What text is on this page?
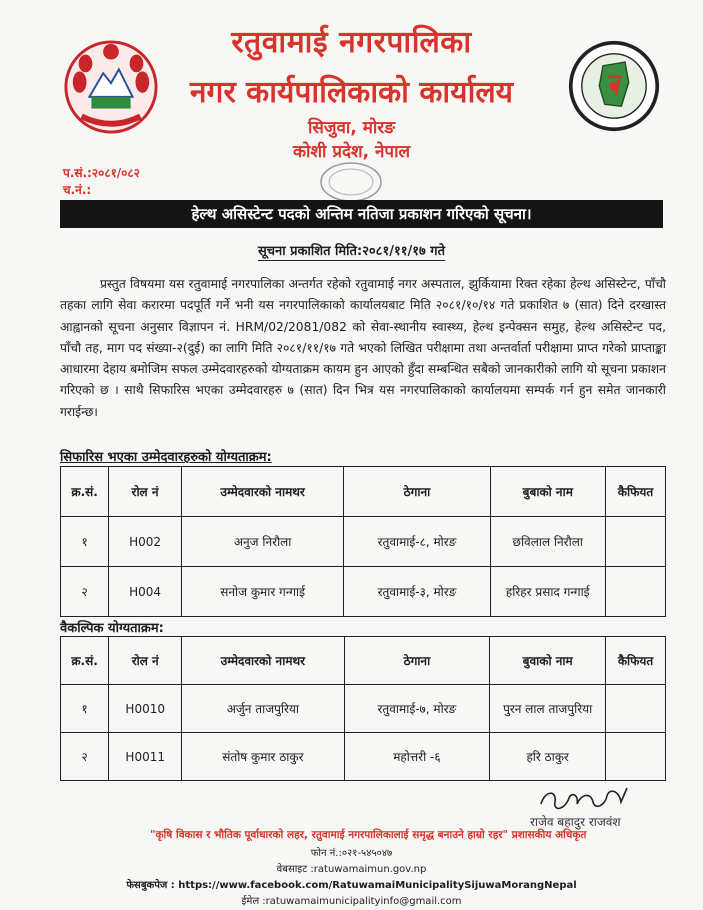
रतुवामाई नगरपालिका
नगर कार्यपालिकाको कार्यालय
सिजुवा, मोरङ
कोशी प्रदेश, नेपाल
प.सं.:२०८१/०८२
च.नं.:
हेल्थ असिस्टेन्ट पदको अन्तिम नतिजा प्रकाशन गरिएको सूचना।
सूचना प्रकाशित मिति:२०८१/११/१७ गते
प्रस्तुत विषयमा यस रतुवामाई नगरपालिका अन्तर्गत रहेको रतुवामाई नगर अस्पताल, झुर्कियामा रिक्त रहेका हेल्थ असिस्टेन्ट, पाँचौ तहका लागि सेवा करारमा पदपूर्ति गर्ने भनी यस नगरपालिकाको कार्यालयबाट मिति २०८१/१०/१४ गते प्रकाशित ७ (सात) दिने दरखास्त आह्वानको सूचना अनुसार विज्ञापन नं. HRM/02/2081/082 को सेवा-स्थानीय स्वास्थ्य, हेल्थ इन्पेक्सन समुह, हेल्थ असिस्टेन्ट पद, पाँचौ तह, माग पद संख्या-२(दुई) का लागि मिति २०८१/११/१७ गते भएको लिखित परीक्षामा तथा अन्तर्वार्ता परीक्षामा प्राप्त गरेको प्राप्ताङ्का आधारमा देहाय बमोजिम सफल उम्मेदवारहरुको योग्यताक्रम कायम हुन आएको हुँदा सम्बन्धित सबैको जानकारीको लागि यो सूचना प्रकाशन गरिएको छ । साथै सिफारिस भएका उम्मेदवारहरु ७ (सात) दिन भित्र यस नगरपालिकाको कार्यालयमा सम्पर्क गर्न हुन समेत जानकारी गराईन्छ।
सिफारिस भएका उम्मेदवारहरुको योग्यताक्रम:
क्र.सं.	रोल नं	उम्मेदवारको नामथर	ठेगाना	बुबाको नाम	कैफियत
१	H002	अनुज निरौला	रतुवामाई-८, मोरङ	छविलाल निरौला	
२	H004	सनोज कुमार गन्गाई	रतुवामाई-३, मोरङ	हरिहर प्रसाद गन्गाई	
वैकल्पिक योग्यताक्रम:
क्र.सं.	रोल नं	उम्मेदवारको नामथर	ठेगाना	बुवाको नाम	कैफियत
१	H0010	अर्जुन ताजपुरिया	रतुवामाई-७, मोरङ	पुरन लाल ताजपुरिया	
२	H0011	संतोष कुमार ठाकुर	महोत्तरी -६	हरि ठाकुर	
राजेव बहादुर राजवंश
"कृषि विकास र भौतिक पूर्वाधारको लहर, रतुवामाई नगरपालिकालाई समृद्ध बनाउने हाम्रो रहर" प्रशासकीय अधिकृत
फोन नं.:०२१-५४५०४७
वेबसाइट :ratuwamaimun.gov.np
फेसबुकपेज : https://www.facebook.com/RatuwamaiMunicipalitySijuwaMorangNepal
ईमेल :ratuwamaimunicipalityinfo@gmail.com
